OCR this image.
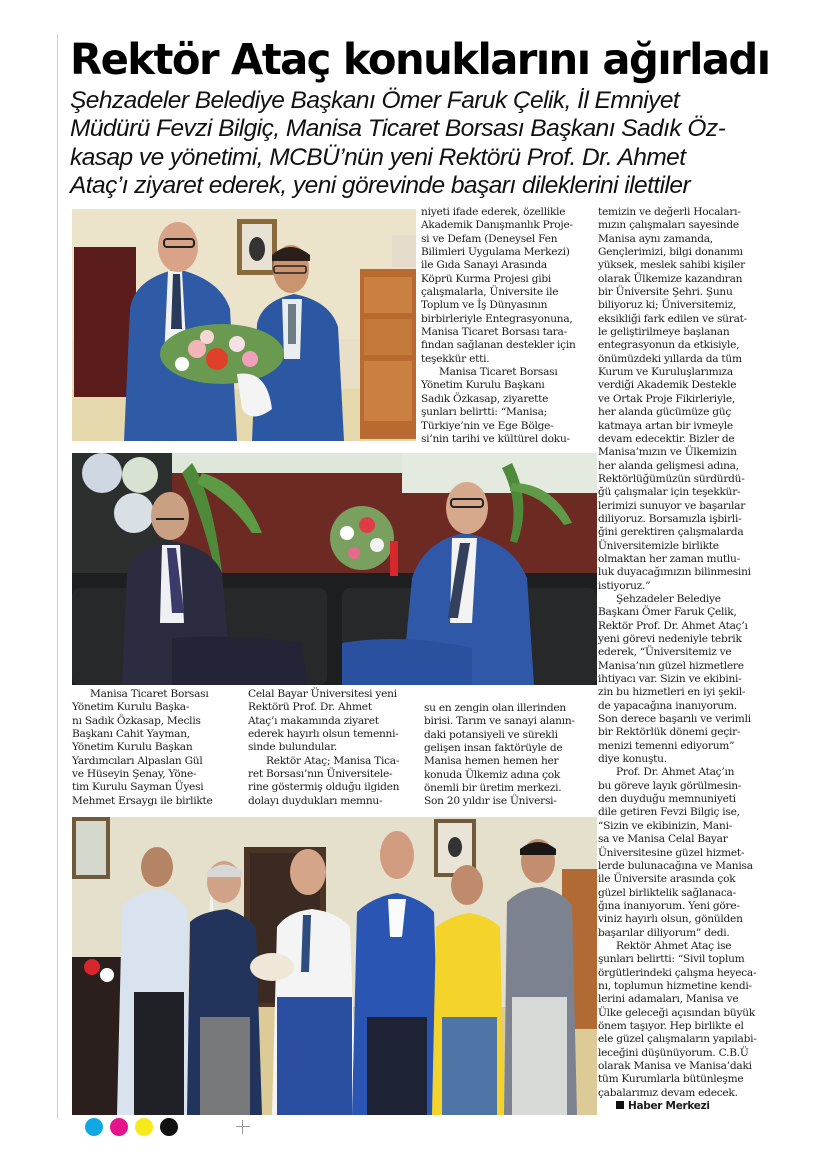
Rektör Ataç konuklarını ağırladı
Şehzadeler Belediye Başkanı Ömer Faruk Çelik, İl Emniyet
Müdürü Fevzi Bilgiç, Manisa Ticaret Borsası Başkanı Sadık Öz-
kasap ve yönetimi, MCBÜ’nün yeni Rektörü Prof. Dr. Ahmet
Ataç’ı ziyaret ederek, yeni görevinde başarı dileklerini ilettiler
niyeti ifade ederek, özellikle
Akademik Danışmanlık Proje-
si ve Defam (Deneysel Fen
Bilimleri Uygulama Merkezi)
ile Gıda Sanayi Arasında
Köprü Kurma Projesi gibi
çalışmalarla, Üniversite ile
Toplum ve İş Dünyasının
birbirleriyle Entegrasyonuna,
Manisa Ticaret Borsası tara-
fından sağlanan destekler için
teşekkür etti.
Manisa Ticaret Borsası
Yönetim Kurulu Başkanı
Sadık Özkasap, ziyarette
şunları belirtti: “Manisa;
Türkiye’nin ve Ege Bölge-
si’nin tarihi ve kültürel doku-
Manisa Ticaret Borsası
Yönetim Kurulu Başka-
nı Sadık Özkasap, Meclis
Başkanı Cahit Yayman,
Yönetim Kurulu Başkan
Yardımcıları Alpaslan Gül
ve Hüseyin Şenay, Yöne-
tim Kurulu Sayman Üyesi
Mehmet Ersaygı ile birlikte
Celal Bayar Üniversitesi yeni
Rektörü Prof. Dr. Ahmet
Ataç’ı makamında ziyaret
ederek hayırlı olsun temenni-
sinde bulundular.
Rektör Ataç; Manisa Tica-
ret Borsası’nın Üniversitele-
rine göstermiş olduğu ilgiden
dolayı duydukları memnu-
su en zengin olan illerinden
birisi. Tarım ve sanayi alanın-
daki potansiyeli ve sürekli
gelişen insan faktörüyle de
Manisa hemen hemen her
konuda Ülkemiz adına çok
önemli bir üretim merkezi.
Son 20 yıldır ise Üniversi-
temizin ve değerli Hocaları-
mızın çalışmaları sayesinde
Manisa aynı zamanda,
Gençlerimizi, bilgi donanımı
yüksek, meslek sahibi kişiler
olarak Ülkemize kazandıran
bir Üniversite Şehri. Şunu
biliyoruz ki; Üniversitemiz,
eksikliği fark edilen ve sürat-
le geliştirilmeye başlanan
entegrasyonun da etkisiyle,
önümüzdeki yıllarda da tüm
Kurum ve Kuruluşlarımıza
verdiği Akademik Destekle
ve Ortak Proje Fikirleriyle,
her alanda gücümüze güç
katmaya artan bir ivmeyle
devam edecektir. Bizler de
Manisa’mızın ve Ülkemizin
her alanda gelişmesi adına,
Rektörlüğümüzün sürdürdü-
ğü çalışmalar için teşekkür-
lerimizi sunuyor ve başarılar
diliyoruz. Borsamızla işbirli-
ğini gerektiren çalışmalarda
Üniversitemizle birlikte
olmaktan her zaman mutlu-
luk duyacağımızın bilinmesini
istiyoruz.”
Şehzadeler Belediye
Başkanı Ömer Faruk Çelik,
Rektör Prof. Dr. Ahmet Ataç’ı
yeni görevi nedeniyle tebrik
ederek, “Üniversitemiz ve
Manisa’nın güzel hizmetlere
ihtiyacı var. Sizin ve ekibini-
zin bu hizmetleri en iyi şekil-
de yapacağına inanıyorum.
Son derece başarılı ve verimli
bir Rektörlük dönemi geçir-
menizi temenni ediyorum”
diye konuştu.
Prof. Dr. Ahmet Ataç’ın
bu göreve layık görülmesin-
den duyduğu memnuniyeti
dile getiren Fevzi Bilgiç ise,
“Sizin ve ekibinizin, Mani-
sa ve Manisa Celal Bayar
Üniversitesine güzel hizmet-
lerde bulunacağına ve Manisa
ile Üniversite arasında çok
güzel birliktelik sağlanaca-
ğına inanıyorum. Yeni göre-
viniz hayırlı olsun, gönülden
başarılar diliyorum” dedi.
Rektör Ahmet Ataç ise
şunları belirtti: “Sivil toplum
örgütlerindeki çalışma heyeca-
nı, toplumun hizmetine kendi-
lerini adamaları, Manisa ve
Ülke geleceği açısından büyük
önem taşıyor. Hep birlikte el
ele güzel çalışmaların yapılabi-
leceğini düşünüyorum. C.B.Ü
olarak Manisa ve Manisa’daki
tüm Kurumlarla bütünleşme
çabalarımız devam edecek.
Haber Merkezi
